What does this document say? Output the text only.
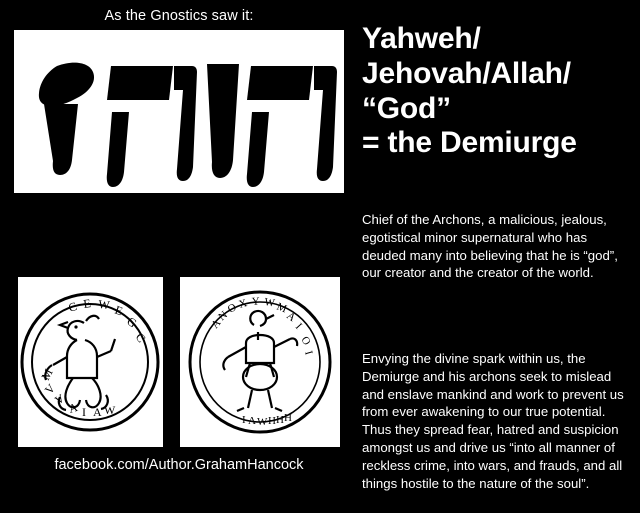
As the Gnostics saw it:
C E W E
G
C
M
V
V
A I A W
A
N
O X Y W M
A
I
O
I
I A W H H H
facebook.com/Author.GrahamHancock
Yahweh/
Jehovah/Allah/
“God”
= the Demiurge
Chief of the Archons, a malicious, jealous, egotistical minor supernatural who has deuded many into believing that he is “god”, our creator and the creator of the world.
Envying the divine spark within us, the Demiurge and his archons seek to mislead and enslave mankind and work to prevent us from ever awakening to our true potential. Thus they spread fear, hatred and suspicion amongst us and drive us “into all manner of reckless crime, into wars, and frauds, and all things hostile to the nature of the soul”.
